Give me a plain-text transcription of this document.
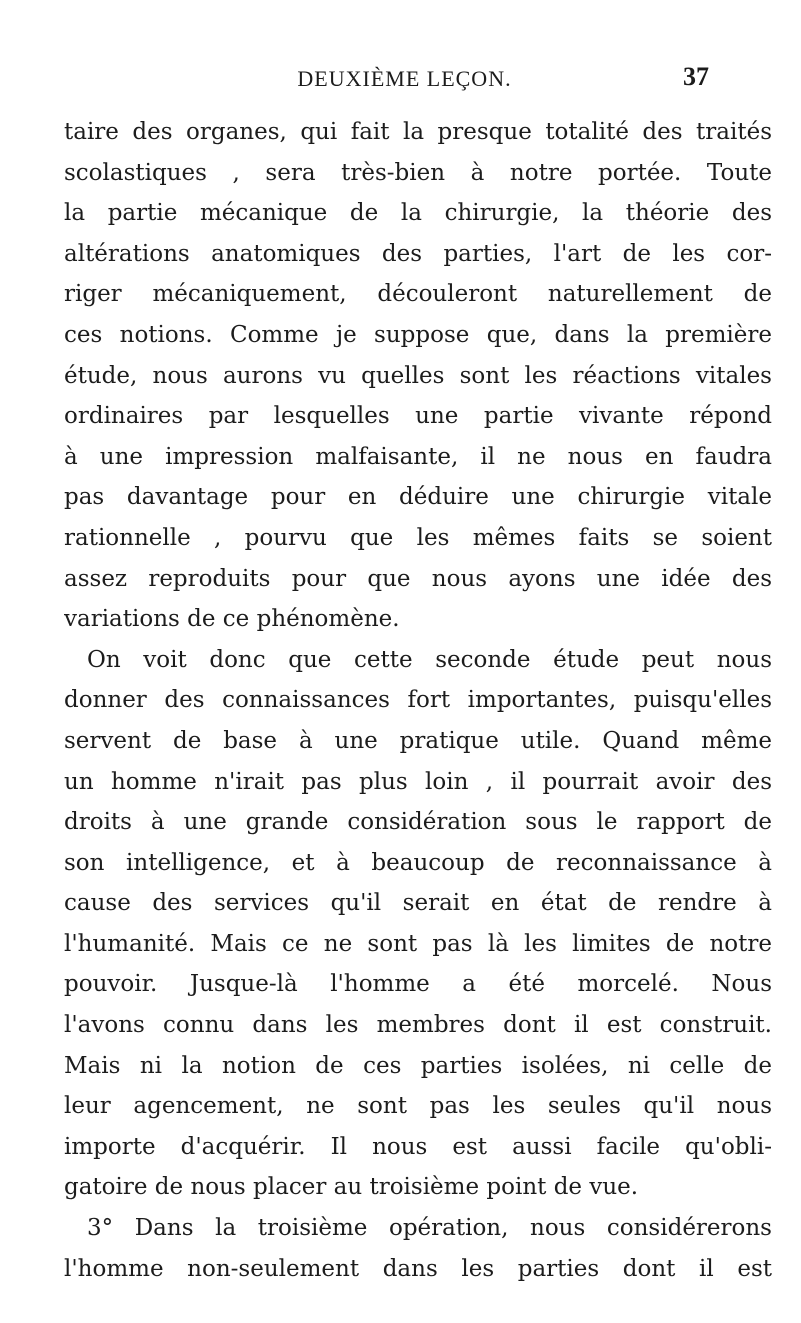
DEUXIÈME LEÇON.	37
taire des organes, qui fait la presque totalité des traités
scolastiques , sera très-bien à notre portée. Toute
la partie mécanique de la chirurgie, la théorie des
altérations anatomiques des parties, l'art de les cor-
riger mécaniquement, découleront naturellement de
ces notions. Comme je suppose que, dans la première
étude, nous aurons vu quelles sont les réactions vitales
ordinaires par lesquelles une partie vivante répond
à une impression malfaisante, il ne nous en faudra
pas davantage pour en déduire une chirurgie vitale
rationnelle , pourvu que les mêmes faits se soient
assez reproduits pour que nous ayons une idée des
variations de ce phénomène.
On voit donc que cette seconde étude peut nous
donner des connaissances fort importantes, puisqu'elles
servent de base à une pratique utile. Quand même
un homme n'irait pas plus loin , il pourrait avoir des
droits à une grande considération sous le rapport de
son intelligence, et à beaucoup de reconnaissance à
cause des services qu'il serait en état de rendre à
l'humanité. Mais ce ne sont pas là les limites de notre
pouvoir. Jusque-là l'homme a été morcelé. Nous
l'avons connu dans les membres dont il est construit.
Mais ni la notion de ces parties isolées, ni celle de
leur agencement, ne sont pas les seules qu'il nous
importe d'acquérir. Il nous est aussi facile qu'obli-
gatoire de nous placer au troisième point de vue.
3° Dans la troisième opération, nous considérerons
l'homme non-seulement dans les parties dont il est
